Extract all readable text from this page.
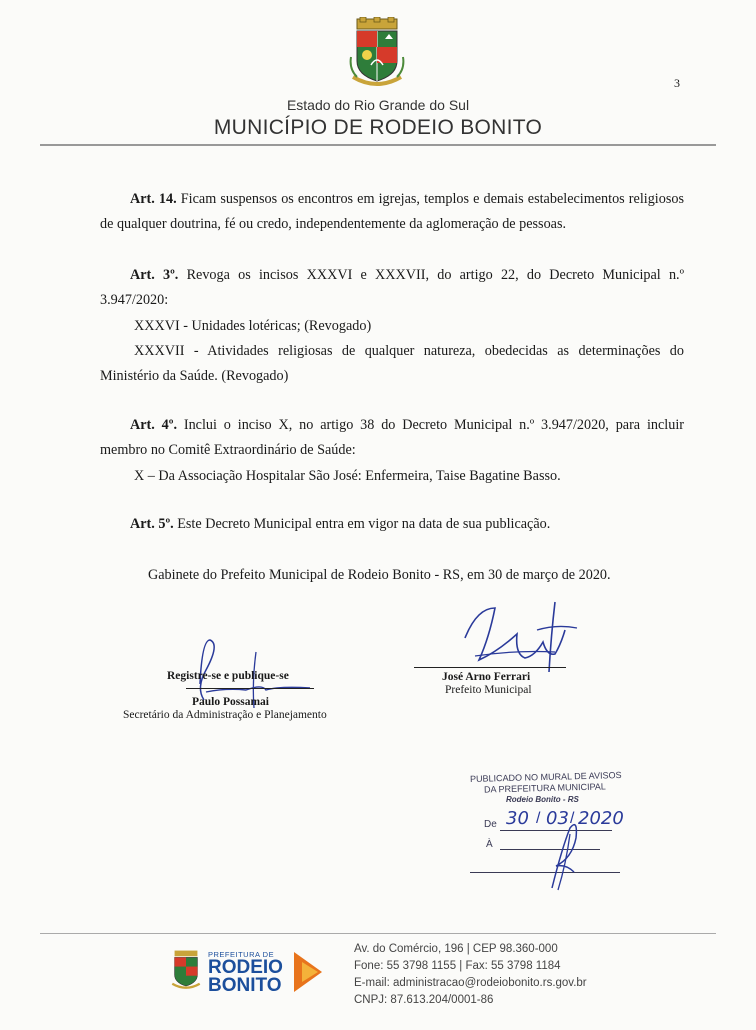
3
Estado do Rio Grande do Sul
MUNICÍPIO DE RODEIO BONITO
Art. 14. Ficam suspensos os encontros em igrejas, templos e demais estabelecimentos religiosos de qualquer doutrina, fé ou credo, independentemente da aglomeração de pessoas.
Art. 3º. Revoga os incisos XXXVI e XXXVII, do artigo 22, do Decreto Municipal n.º 3.947/2020:
XXXVI - Unidades lotéricas; (Revogado)
XXXVII - Atividades religiosas de qualquer natureza, obedecidas as determinações do Ministério da Saúde. (Revogado)
Art. 4º. Inclui o inciso X, no artigo 38 do Decreto Municipal n.º 3.947/2020, para incluir membro no Comitê Extraordinário de Saúde:
X – Da Associação Hospitalar São José: Enfermeira, Taise Bagatine Basso.
Art. 5º. Este Decreto Municipal entra em vigor na data de sua publicação.
Gabinete do Prefeito Municipal de Rodeio Bonito - RS, em 30 de março de 2020.
José Arno Ferrari
Prefeito Municipal
Registre-se e publique-se
Paulo Possamai
Secretário da Administração e Planejamento
PUBLICADO NO MURAL DE AVISOS
DA PREFEITURA MUNICIPAL
Rodeio Bonito - RS
De 30 / 03 / 2020
À
PREFEITURA DE
RODEIO
BONITO
Av. do Comércio, 196 | CEP 98.360-000
Fone: 55 3798 1155 | Fax: 55 3798 1184
E-mail: administracao@rodeiobonito.rs.gov.br
CNPJ: 87.613.204/0001-86
